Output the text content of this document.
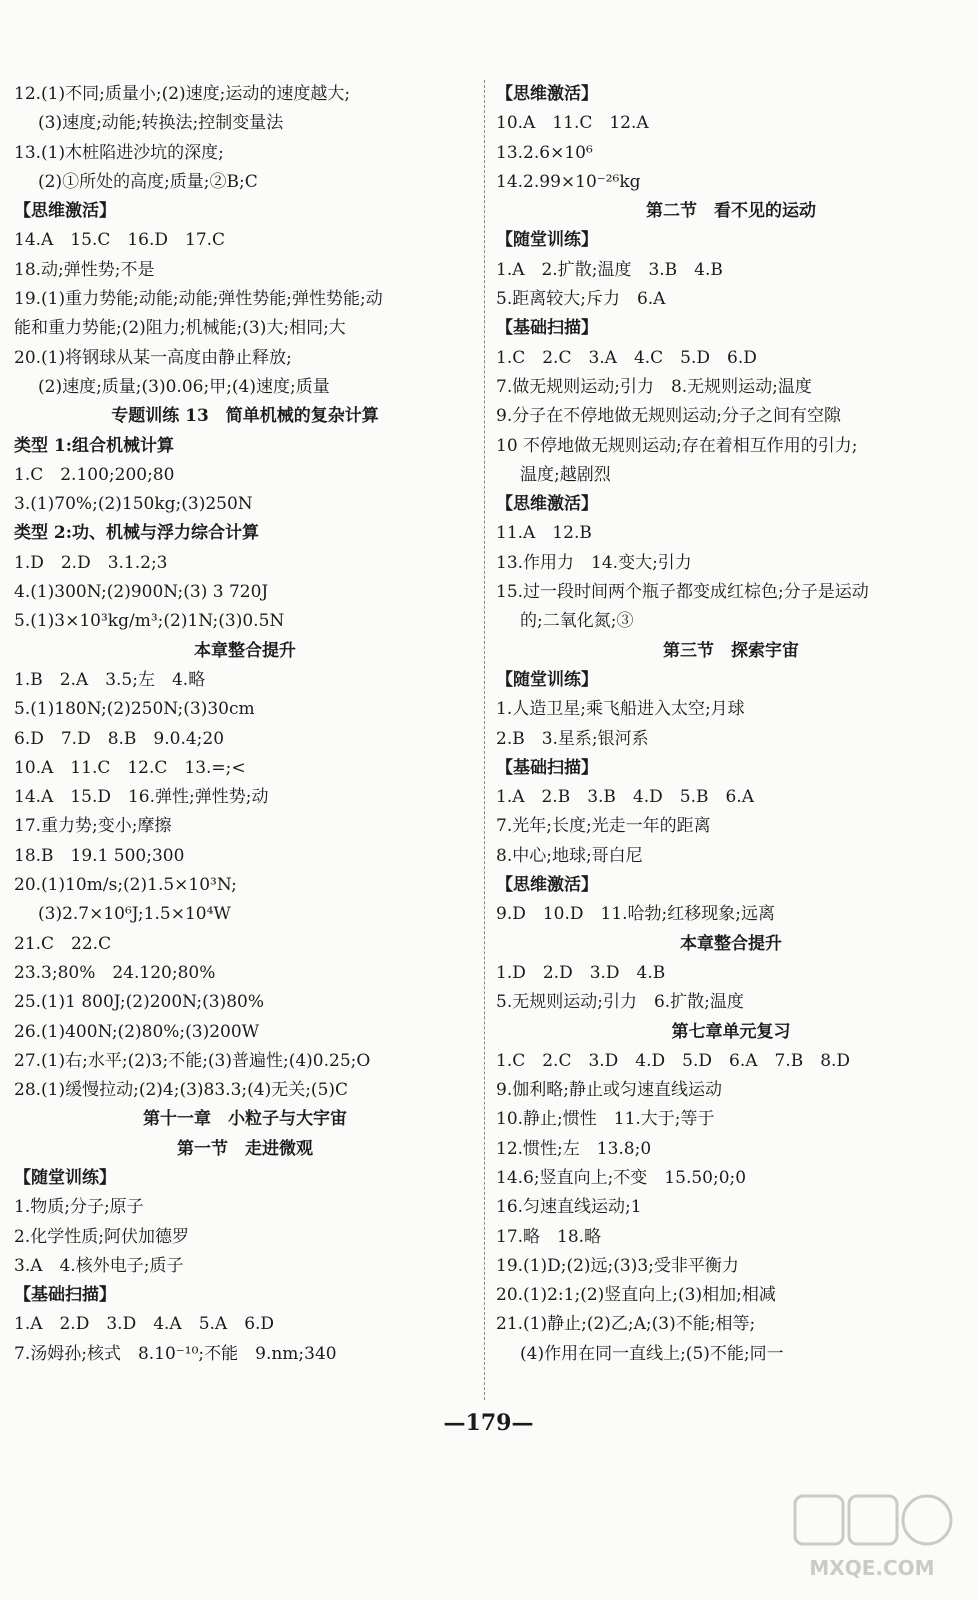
12.(1)不同;质量小;(2)速度;运动的速度越大;
(3)速度;动能;转换法;控制变量法
13.(1)木桩陷进沙坑的深度;
(2)①所处的高度;质量;②B;C
【思维激活】
14.A　15.C　16.D　17.C
18.动;弹性势;不是
19.(1)重力势能;动能;动能;弹性势能;弹性势能;动
能和重力势能;(2)阻力;机械能;(3)大;相同;大
20.(1)将钢球从某一高度由静止释放;
(2)速度;质量;(3)0.06;甲;(4)速度;质量
专题训练 13　简单机械的复杂计算
类型 1:组合机械计算
1.C　2.100;200;80
3.(1)70%;(2)150kg;(3)250N
类型 2:功、机械与浮力综合计算
1.D　2.D　3.1.2;3
4.(1)300N;(2)900N;(3) 3 720J
5.(1)3×10³kg/m³;(2)1N;(3)0.5N
本章整合提升
1.B　2.A　3.5;左　4.略
5.(1)180N;(2)250N;(3)30cm
6.D　7.D　8.B　9.0.4;20
10.A　11.C　12.C　13.=;<
14.A　15.D　16.弹性;弹性势;动
17.重力势;变小;摩擦
18.B　19.1 500;300
20.(1)10m/s;(2)1.5×10³N;
(3)2.7×10⁶J;1.5×10⁴W
21.C　22.C
23.3;80%　24.120;80%
25.(1)1 800J;(2)200N;(3)80%
26.(1)400N;(2)80%;(3)200W
27.(1)右;水平;(2)3;不能;(3)普遍性;(4)0.25;O
28.(1)缓慢拉动;(2)4;(3)83.3;(4)无关;(5)C
第十一章　小粒子与大宇宙
第一节　走进微观
【随堂训练】
1.物质;分子;原子
2.化学性质;阿伏加德罗
3.A　4.核外电子;质子
【基础扫描】
1.A　2.D　3.D　4.A　5.A　6.D
7.汤姆孙;核式　8.10⁻¹⁰;不能　9.nm;340
【思维激活】
10.A　11.C　12.A
13.2.6×10⁶
14.2.99×10⁻²⁶kg
第二节　看不见的运动
【随堂训练】
1.A　2.扩散;温度　3.B　4.B
5.距离较大;斥力　6.A
【基础扫描】
1.C　2.C　3.A　4.C　5.D　6.D
7.做无规则运动;引力　8.无规则运动;温度
9.分子在不停地做无规则运动;分子之间有空隙
10 不停地做无规则运动;存在着相互作用的引力;
温度;越剧烈
【思维激活】
11.A　12.B
13.作用力　14.变大;引力
15.过一段时间两个瓶子都变成红棕色;分子是运动
的;二氧化氮;③
第三节　探索宇宙
【随堂训练】
1.人造卫星;乘飞船进入太空;月球
2.B　3.星系;银河系
【基础扫描】
1.A　2.B　3.B　4.D　5.B　6.A
7.光年;长度;光走一年的距离
8.中心;地球;哥白尼
【思维激活】
9.D　10.D　11.哈勃;红移现象;远离
本章整合提升
1.D　2.D　3.D　4.B
5.无规则运动;引力　6.扩散;温度
第七章单元复习
1.C　2.C　3.D　4.D　5.D　6.A　7.B　8.D
9.伽利略;静止或匀速直线运动
10.静止;惯性　11.大于;等于
12.惯性;左　13.8;0
14.6;竖直向上;不变　15.50;0;0
16.匀速直线运动;1
17.略　18.略
19.(1)D;(2)远;(3)3;受非平衡力
20.(1)2:1;(2)竖直向上;(3)相加;相减
21.(1)静止;(2)乙;A;(3)不能;相等;
(4)作用在同一直线上;(5)不能;同一
—179—
MXQE.COM
